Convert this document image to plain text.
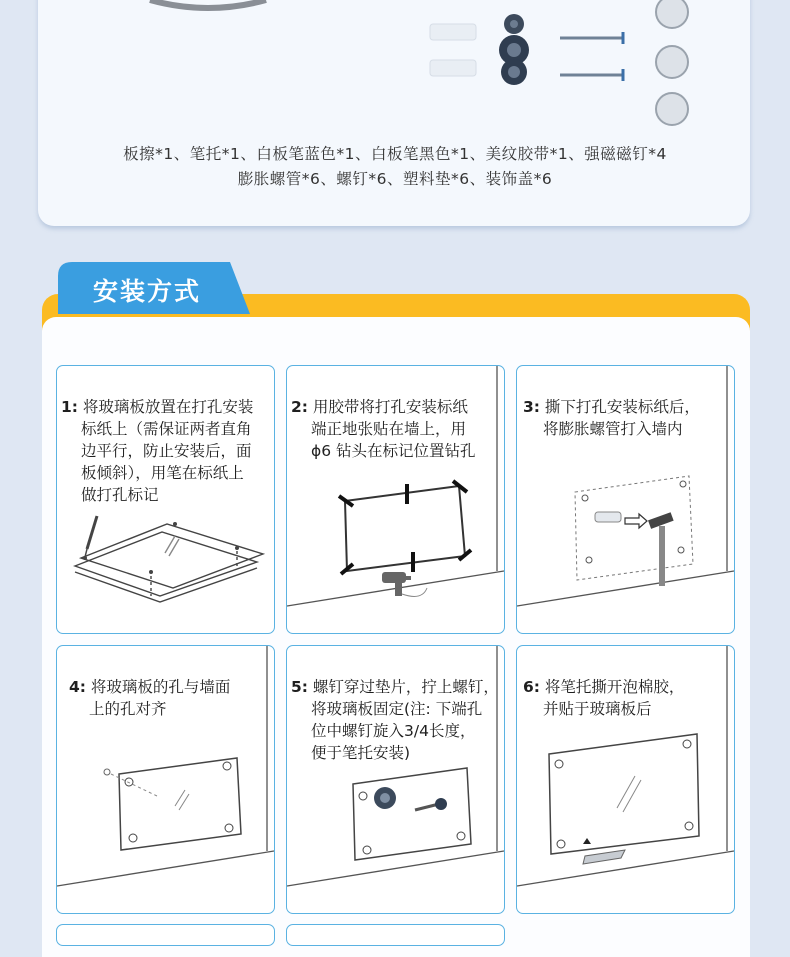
板擦*1、笔托*1、白板笔蓝色*1、白板笔黑色*1、美纹胶带*1、强磁磁钉*4
膨胀螺管*6、螺钉*6、塑料垫*6、装饰盖*6
安装方式
1: 将玻璃板放置在打孔安装
标纸上（需保证两者直角
边平行，防止安装后，面
板倾斜），用笔在标纸上
做打孔标记
2: 用胶带将打孔安装标纸
端正地张贴在墙上，用
ϕ6 钻头在标记位置钻孔
3: 撕下打孔安装标纸后，
将膨胀螺管打入墙内
4: 将玻璃板的孔与墙面
上的孔对齐
5: 螺钉穿过垫片，拧上螺钉，
将玻璃板固定(注: 下端孔
位中螺钉旋入3/4长度，
便于笔托安装)
6: 将笔托撕开泡棉胶，
并贴于玻璃板后
